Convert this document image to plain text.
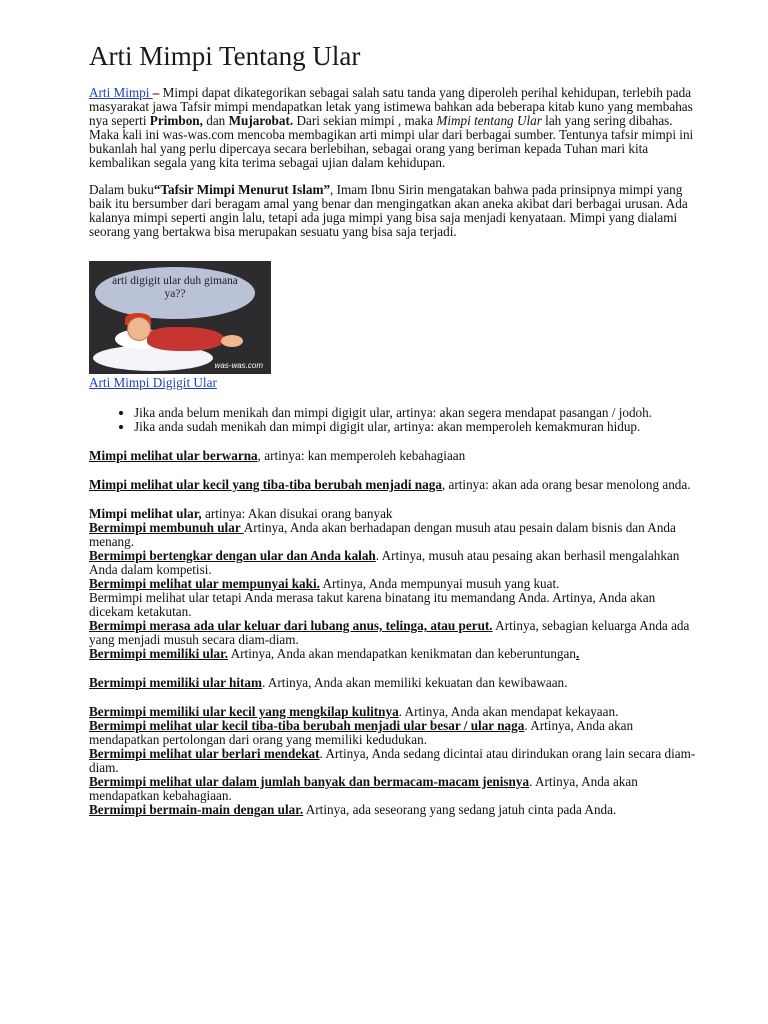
Arti Mimpi Tentang Ular

Arti Mimpi – Mimpi dapat dikategorikan sebagai salah satu tanda yang diperoleh perihal kehidupan, terlebih pada masyarakat jawa Tafsir mimpi mendapatkan letak yang istimewa bahkan ada beberapa kitab kuno yang membahas nya seperti Primbon, dan Mujarobat. Dari sekian mimpi , maka Mimpi tentang Ular lah yang sering dibahas. Maka kali ini was-was.com mencoba membagikan arti mimpi ular dari berbagai sumber. Tentunya tafsir mimpi ini bukanlah hal yang perlu dipercaya secara berlebihan, sebagai orang yang beriman kepada Tuhan mari kita kembalikan segala yang kita terima sebagai ujian dalam kehidupan.

Dalam buku“Tafsir Mimpi Menurut Islam”, Imam Ibnu Sirin mengatakan bahwa pada prinsipnya mimpi yang baik itu bersumber dari beragam amal yang benar dan mengingatkan akan aneka akibat dari berbagai urusan. Ada kalanya mimpi seperti angin lalu, tetapi ada juga mimpi yang bisa saja menjadi kenyataan. Mimpi yang dialami seorang yang bertakwa bisa merupakan sesuatu yang bisa saja terjadi.

arti digigit ular duh gimana ya??
was-was.com
Arti Mimpi Digigit Ular
• Jika anda belum menikah dan mimpi digigit ular, artinya: akan segera mendapat pasangan / jodoh.
• Jika anda sudah menikah dan mimpi digigit ular, artinya: akan memperoleh kemakmuran hidup.

Mimpi melihat ular berwarna, artinya: kan memperoleh kebahagiaan

Mimpi melihat ular kecil yang tiba-tiba berubah menjadi naga, artinya: akan ada orang besar menolong anda.

Mimpi melihat ular, artinya: Akan disukai orang banyak

Bermimpi membunuh ular Artinya, Anda akan berhadapan dengan musuh atau pesain dalam bisnis dan Anda menang.

Bermimpi bertengkar dengan ular dan Anda kalah. Artinya, musuh atau pesaing akan berhasil mengalahkan Anda dalam kompetisi.

Bermimpi melihat ular mempunyai kaki. Artinya, Anda mempunyai musuh yang kuat.

Bermimpi melihat ular tetapi Anda merasa takut karena binatang itu memandang Anda. Artinya, Anda akan dicekam ketakutan.

Bermimpi merasa ada ular keluar dari lubang anus, telinga, atau perut. Artinya, sebagian keluarga Anda ada yang menjadi musuh secara diam-diam.

Bermimpi memiliki ular. Artinya, Anda akan mendapatkan kenikmatan dan keberuntungan.

Bermimpi memiliki ular hitam. Artinya, Anda akan memiliki kekuatan dan kewibawaan.

Bermimpi memiliki ular kecil yang mengkilap kulitnya. Artinya, Anda akan mendapat kekayaan.

Bermimpi melihat ular kecil tiba-tiba berubah menjadi ular besar / ular naga. Artinya, Anda akan mendapatkan pertolongan dari orang yang memiliki kedudukan.

Bermimpi melihat ular berlari mendekat. Artinya, Anda sedang dicintai atau dirindukan orang lain secara diam-diam.

Bermimpi melihat ular dalam jumlah banyak dan bermacam-macam jenisnya. Artinya, Anda akan mendapatkan kebahagiaan.

Bermimpi bermain-main dengan ular. Artinya, ada seseorang yang sedang jatuh cinta pada Anda.
